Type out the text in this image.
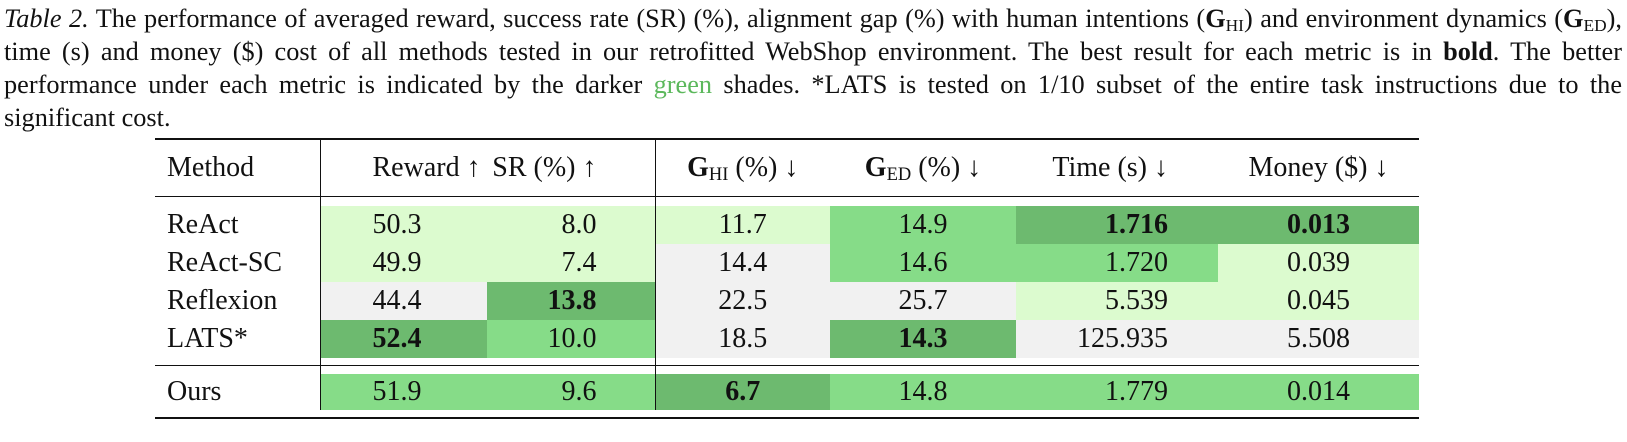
Table 2. The performance of averaged reward, success rate (SR) (%), alignment gap (%) with human intentions $(G_{HI})$ and environment dynamics $(G_{ED})$, time (s) and money ($) cost of all methods tested in our retrofitted WebShop environment. The best result for each metric is in bold. The better performance under each metric is indicated by the darker green shades. *LATS is tested on 1/10 subset of the entire task instructions due to the significant cost.
Method	Reward ↑	SR (%) ↑	$G_{HI}$ (%) ↓	$G_{ED}$ (%) ↓	Time (s) ↓	Money ($) ↓

ReAct	50.3	8.0	11.7	14.9	1.716	0.013
ReAct-SC	49.9	7.4	14.4	14.6	1.720	0.039
Reflexion	44.4	13.8	22.5	25.7	5.539	0.045
LATS*	52.4	10.0	18.5	14.3	125.935	5.508

Ours	51.9	9.6	6.7	14.8	1.779	0.014
